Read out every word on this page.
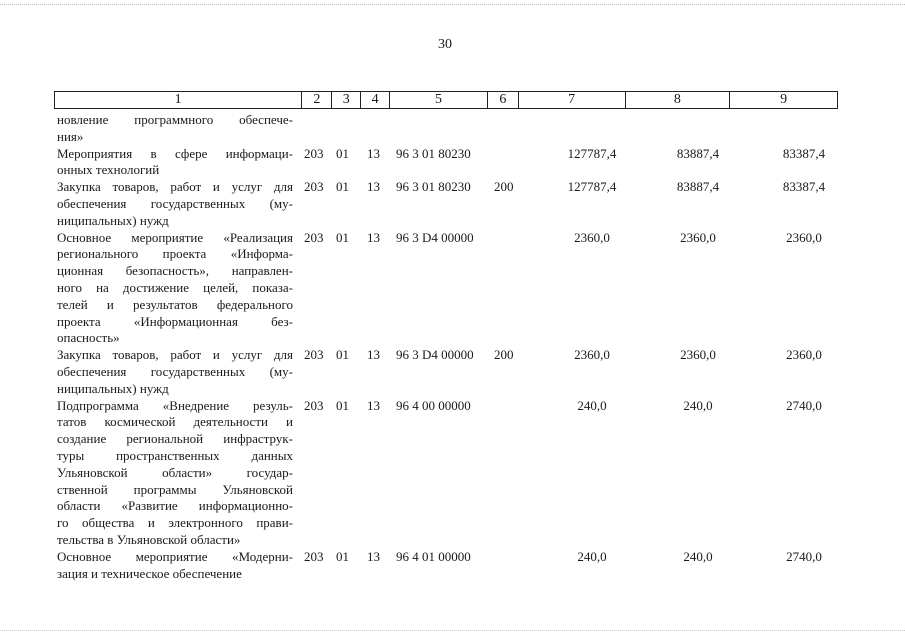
30
1	2	3	4	5	6	7	8	9
новление программного обеспече-
ния»
Мероприятия в сфере информаци-
онных технологий
203 01 13 96 3 01 80230	127787,4	83887,4	83387,4
Закупка товаров, работ и услуг для
обеспечения государственных (му-
ниципальных) нужд
203 01 13 96 3 01 80230 200	127787,4	83887,4	83387,4
Основное мероприятие «Реализация
регионального проекта «Информа-
ционная безопасность», направлен-
ного на достижение целей, показа-
телей и результатов федерального
проекта «Информационная без-
опасность»
203 01 13 96 3 D4 00000	2360,0	2360,0	2360,0
Закупка товаров, работ и услуг для
обеспечения государственных (му-
ниципальных) нужд
203 01 13 96 3 D4 00000 200	2360,0	2360,0	2360,0
Подпрограмма «Внедрение резуль-
татов космической деятельности и
создание региональной инфраструк-
туры пространственных данных
Ульяновской области» государ-
ственной программы Ульяновской
области «Развитие информационно-
го общества и электронного прави-
тельства в Ульяновской области»
203 01 13 96 4 00 00000	240,0	240,0	2740,0
Основное мероприятие «Модерни-
зация и техническое обеспечение
203 01 13 96 4 01 00000	240,0	240,0	2740,0
